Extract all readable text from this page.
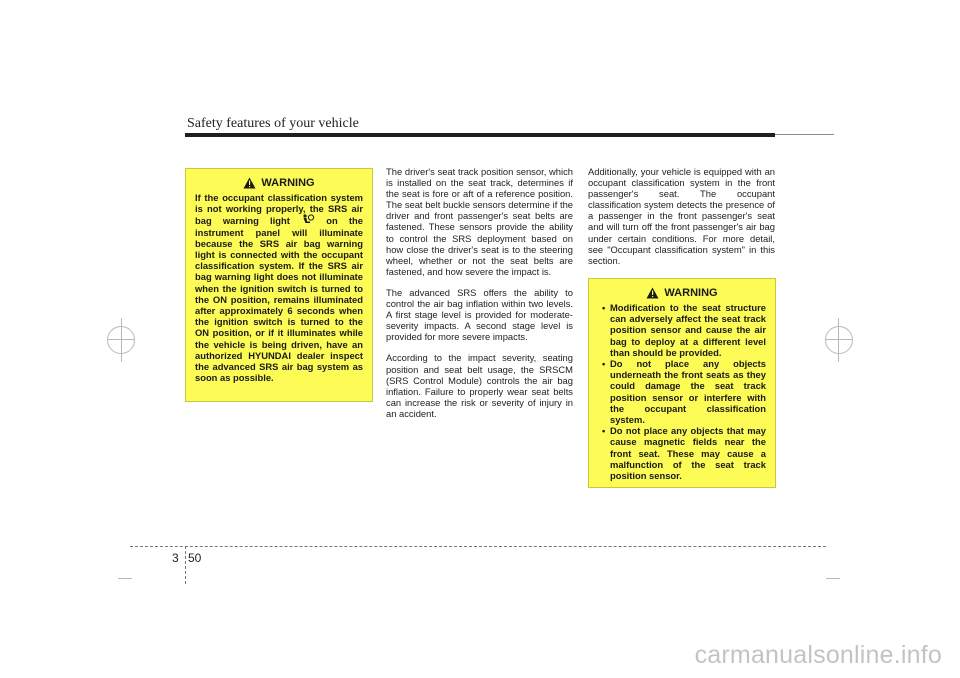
Safety features of your vehicle
WARNING
If the occupant classification system is not working properly, the SRS air bag warning light	on the instrument panel will illuminate because the SRS air bag warning light is connected with the occupant classification system. If the SRS air bag warning light does not illuminate when the ignition switch is turned to the ON position, remains illuminated after approximately 6 seconds when the ignition switch is turned to the ON position, or if it illuminates while the vehicle is being driven, have an authorized HYUNDAI dealer inspect the advanced SRS air bag system as soon as possible.

The driver's seat track position sensor, which is installed on the seat track, determines if the seat is fore or aft of a reference position. The seat belt buckle sensors determine if the driver and front passenger's seat belts are fastened. These sensors provide the ability to control the SRS deployment based on how close the driver's seat is to the steering wheel, whether or not the seat belts are fastened, and how severe the impact is.

The advanced SRS offers the ability to control the air bag inflation within two levels. A first stage level is provided for moderate-severity impacts. A second stage level is provided for more severe impacts.

According to the impact severity, seating position and seat belt usage, the SRSCM (SRS Control Module) controls the air bag inflation. Failure to properly wear seat belts can increase the risk or severity of injury in an accident.

Additionally, your vehicle is equipped with an occupant classification system in the front passenger's seat. The occupant classification system detects the presence of a passenger in the front passenger's seat and will turn off the front passenger's air bag under certain conditions. For more detail, see "Occupant classification system" in this section.

WARNING
• Modification to the seat structure can adversely affect the seat track position sensor and cause the air bag to deploy at a different level than should be provided.
• Do not place any objects underneath the front seats as they could damage the seat track position sensor or interfere with the occupant classification system.
• Do not place any objects that may cause magnetic fields near the front seat. These may cause a malfunction of the seat track position sensor.
3 50
carmanualsonline.info
